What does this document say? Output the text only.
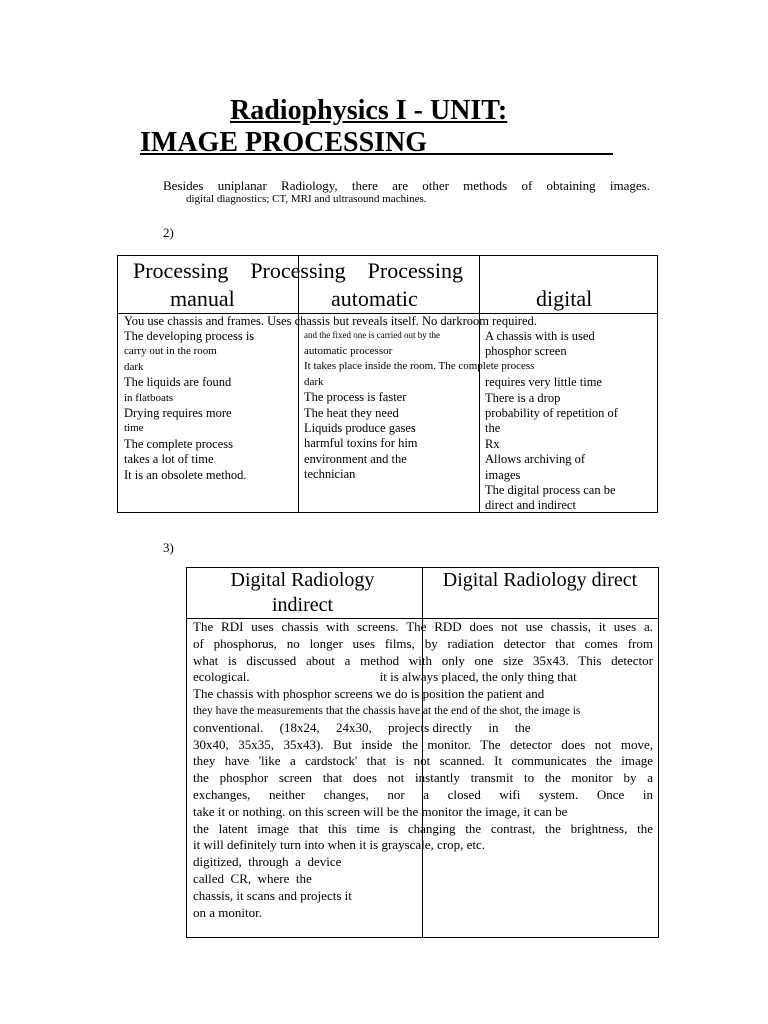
Radiophysics I - UNIT:
IMAGE PROCESSING
Besides uniplanar Radiology, there are other methods of obtaining images.
digital diagnostics; CT, MRI and ultrasound machines.
2)
Processing    Processing    Processing
manual	automatic	digital
You use chassis and frames. Uses chassis but reveals itself. No darkroom required.
The developing process is
carry out in the room
dark
The liquids are found
in flatboats
Drying requires more
time
The complete process
takes a lot of time
It is an obsolete method.
and the fixed one is carried out by the
automatic processor
It takes place inside the room. The complete process
dark
The process is faster
The heat they need
Liquids produce gases
harmful toxins for him
environment and the
technician
A chassis with is used
phosphor screen
requires very little time
There is a drop
probability of repetition of
the
Rx
Allows archiving of
images
The digital process can be
direct and indirect
3)
Digital Radiology indirect
Digital Radiology direct
The RDI uses chassis with screens. The RDD does not use chassis, it uses a.
of phosphorus, no longer uses films, by radiation detector that comes from
what is discussed about a method with only one size 35x43. This detector
ecological.                                        it is always placed, the only thing that
The chassis with phosphor screens we do is position the patient and
they have the measurements that the chassis have at the end of the shot, the image is
conventional.     (18x24,     24x30,     projects directly     in     the
30x40, 35x35, 35x43). But inside the monitor. The detector does not move,
they have 'like a cardstock' that is not scanned. It communicates the image
the phosphor screen that does not instantly transmit to the monitor by a
exchanges, neither changes, nor a closed wifi system. Once in
take it or nothing. on this screen will be the monitor the image, it can be
the latent image that this time is changing the contrast, the brightness, the
it will definitely turn into when it is grayscale, crop, etc.
digitized,  through  a  device
called  CR,  where  the
chassis, it scans and projects it
on a monitor.
